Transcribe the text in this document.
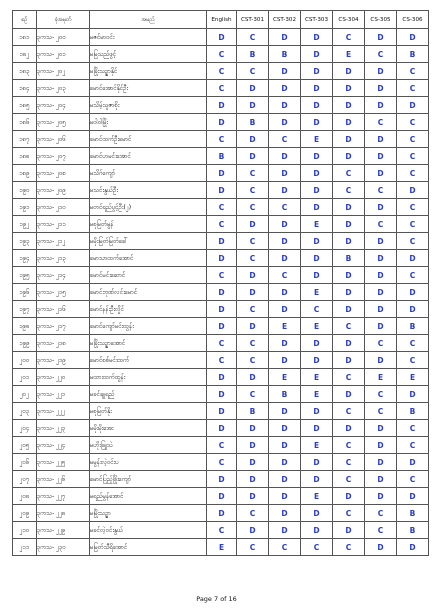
စဉ်	ခုံအမှတ်	အမည်	English	CST-301	CST-302	CST-303	CS-304	CS-305	CS-306
၁၈၁	၃ကသ- ၂၀၀	မဇင်မာဝင်း	D	C	D	D	C	D	D
၁၈၂	၃ကသ- ၂၀၁	မမြသည်ဖွင့်	C	B	B	D	E	C	B
၁၈၃	၃ကသ- ၂၀၂	မခြိုးသဉ္ဇာနိုင်	C	C	D	D	D	D	C
၁၈၄	၃ကသ- ၂၀၃	မောင်အောင်နိုင်ဦး	C	D	D	D	D	D	C
၁၈၅	၃ကသ- ၂၀၄	မသိမ့်သူဇာစိုး	D	D	D	D	D	D	D
၁၈၆	၃ကသ- ၂၀၅	မဝါဝါမြိုး	D	B	D	D	D	C	C
၁၈၇	၃ကသ- ၂၀၆	မောင်ထက်ဦးမောင်	C	D	C	E	D	D	C
၁၈၈	၃ကသ- ၂၀၇	မောင်ဟမင်းအောင်	B	D	D	D	D	D	C
၁၈၉	၃ကသ- ၂၀၈	မသိဂ်ကျော်	D	C	D	D	C	D	C
၁၉၀	၃ကသ- ၂၀၉	မသင်းနွယ်ဦး	D	C	D	D	C	C	D
၁၉၁	၃ကသ- ၂၁၀	မတင်ရည်ပွင့်ဦး(၂)	C	C	C	D	D	D	C
၁၉၂	၃ကသ- ၂၁၁	မစုမြတ်မွန်	C	D	D	E	D	C	C
၁၉၃	၃ကသ- ၂၁၂	မမိုးမြတ်မြတ်ခေါ်	D	C	D	D	D	D	C
၁၉၄	၃ကသ- ၂၁၃	မောသာထက်အောင်	D	C	D	D	B	D	D
၁၉၅	၃ကသ- ၂၁၄	မောင်မင်းဆောင်	C	D	C	D	D	D	C
၁၉၆	၃ကသ- ၂၁၅	မောင်ဘုဏ်လင်းမောင်	D	D	D	E	D	D	D
၁၉၇	၃ကသ- ၂၁၆	မောင်နန်းဦးလှိုင်	D	C	D	C	D	D	D
၁၉၈	၃ကသ- ၂၁၇	မောင်ကျော်မင်းထွန်း	D	D	E	E	C	D	B
၁၉၉	၃ကသ- ၂၁၈	မခြိုးသဉ္ဇာအောင်	C	C	D	D	D	C	C
၂၀၀	၃ကသ- ၂၁၉	မောင်စစ်မင်းထက်	C	C	D	D	D	D	C
၂၀၁	၃ကသ- ၂၂၀	မထားထက်ထွန်း	D	D	E	E	C	E	E
၂၀၂	၃ကသ- ၂၂၁	မခင်ချုရည်	D	C	B	E	D	C	D
၂၀၃	၃ကသ- ၂၂၂	မစုမြတ်နိုး	D	B	D	D	C	C	B
၂၀၄	၃ကသ- ၂၂၃	မမိုးမိုးအေး	D	D	D	D	D	D	C
၂၀၅	၃ကသ- ၂၂၄	မဟိုးဖြူသဲ	C	D	D	E	C	D	C
၂၀၆	၃ကသ- ၂၂၅	မမွန်းလဲ့ဝင်းပ	C	D	D	D	C	D	D
၂၀၇	၃ကသ- ၂၂၆	မောင်ပြည့်ဖြိုးကျော်	D	D	D	D	C	D	C
၂၀၈	၃ကသ- ၂၂၇	မရည်မွန်အောင်	D	D	D	E	D	D	D
၂၀၉	၃ကသ- ၂၂၈	မမြိုးသဉ္ဇာ	D	C	D	D	C	C	B
၂၁၀	၃ကသ- ၂၂၉	မခင်လဲ့ဝင်းနွယ်	C	D	D	D	D	C	B
၂၁၁	၃ကသ- ၂၃၀	မမြတ်သီရိအောင်	E	C	C	C	C	D	D
Page 7 of 16
